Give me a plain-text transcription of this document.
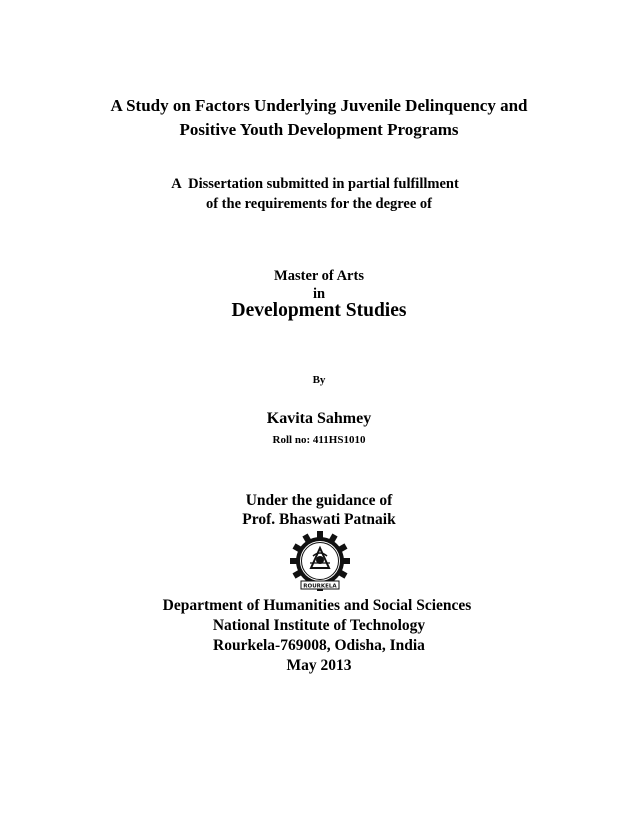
A Study on Factors Underlying Juvenile Delinquency and
Positive Youth Development Programs
A  Dissertation submitted in partial fulfillment
of the requirements for the degree of
Master of Arts
in
Development Studies
By
Kavita Sahmey
Roll no: 411HS1010
Under the guidance of
Prof. Bhaswati Patnaik
ROURKELA
Department of Humanities and Social Sciences
National Institute of Technology
Rourkela-769008, Odisha, India
May 2013
